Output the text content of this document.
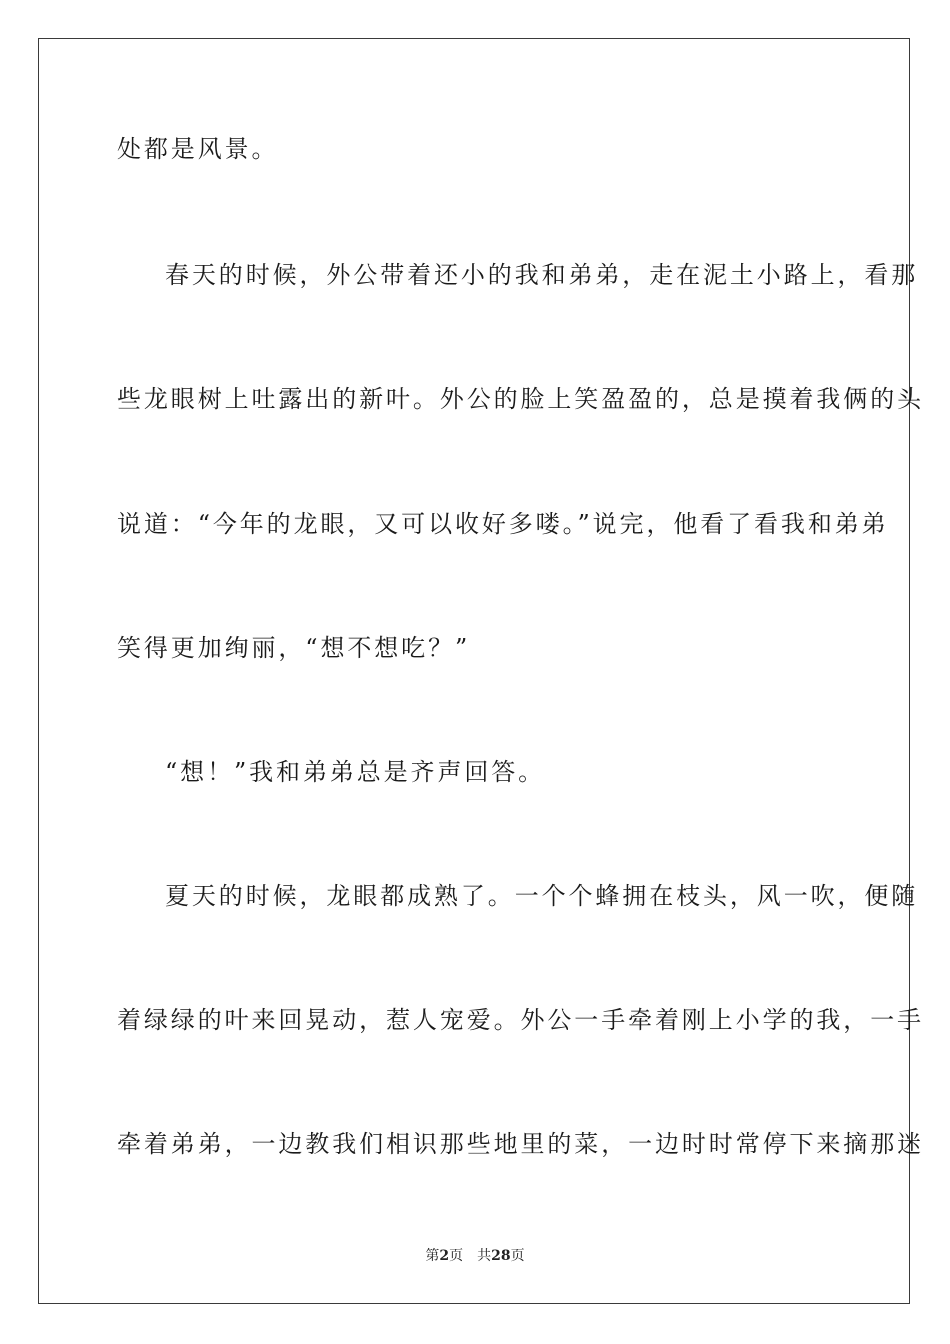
处都是风景。
春天的时候，外公带着还小的我和弟弟，走在泥土小路上，看那
些龙眼树上吐露出的新叶。外公的脸上笑盈盈的，总是摸着我俩的头
说道：“今年的龙眼，又可以收好多喽。”说完，他看了看我和弟弟
笑得更加绚丽，“想不想吃？”
“想！”我和弟弟总是齐声回答。
夏天的时候，龙眼都成熟了。一个个蜂拥在枝头，风一吹，便随
着绿绿的叶来回晃动，惹人宠爱。外公一手牵着刚上小学的我，一手
牵着弟弟，一边教我们相识那些地里的菜，一边时时常停下来摘那迷
第2页 共28页
